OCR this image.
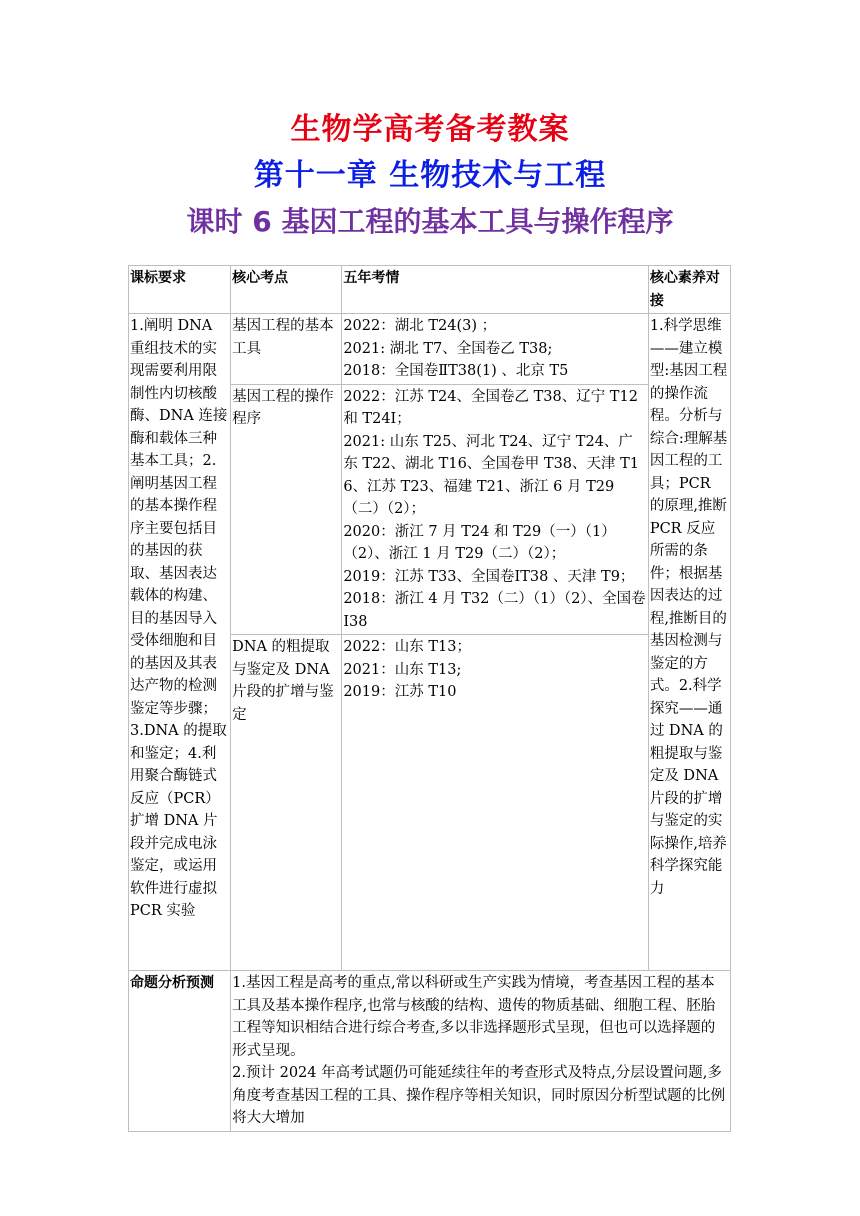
生物学高考备考教案
第十一章 生物技术与工程
课时 6 基因工程的基本工具与操作程序
课标要求	核心考点	五年考情	核心素养对接
1.阐明 DNA 重组技术的实现需要利用限制性内切核酸酶、DNA 连接酶和载体三种基本工具；2.阐明基因工程的基本操作程序主要包括目的基因的获取、基因表达载体的构建、目的基因导入受体细胞和目的基因及其表达产物的检测鉴定等步骤；3.DNA 的提取和鉴定；4.利用聚合酶链式反应（PCR）扩增 DNA 片段并完成电泳鉴定，或运用软件进行虚拟 PCR 实验	基因工程的基本工具	2022：湖北 T24(3) ；
2021: 湖北 T7、全国卷乙 T38;
2018：全国卷ⅡT38(1) 、北京 T5	1.科学思维——建立模型:基因工程的操作流程。分析与综合:理解基因工程的工具；PCR 的原理,推断 PCR 反应所需的条件；根据基因表达的过程,推断目的基因检测与鉴定的方式。2.科学探究——通过 DNA 的粗提取与鉴定及 DNA 片段的扩增与鉴定的实际操作,培养科学探究能力
	基因工程的操作程序	2022：江苏 T24、全国卷乙 T38、辽宁 T12 和 T24Ⅰ；
2021: 山东 T25、河北 T24、辽宁 T24、广东 T22、湖北 T16、全国卷甲 T38、天津 T16、江苏 T23、福建 T21、浙江 6 月 T29（二）（2）；
2020：浙江 7 月 T24 和 T29（一）（1）（2）、浙江 1 月 T29（二）（2）；
2019：江苏 T33、全国卷ⅠT38 、天津 T9；
2018：浙江 4 月 T32（二）（1）（2）、全国卷Ⅰ38	

	DNA 的粗提取与鉴定及 DNA 片段的扩增与鉴定	2022：山东 T13；
2021：山东 T13;
2019：江苏 T10	

命题分析预测	1.基因工程是高考的重点,常以科研或生产实践为情境，考查基因工程的基本工具及基本操作程序,也常与核酸的结构、遗传的物质基础、细胞工程、胚胎工程等知识相结合进行综合考查,多以非选择题形式呈现，但也可以选择题的形式呈现。
2.预计 2024 年高考试题仍可能延续往年的考查形式及特点,分层设置问题,多角度考查基因工程的工具、操作程序等相关知识，同时原因分析型试题的比例将大大增加		
